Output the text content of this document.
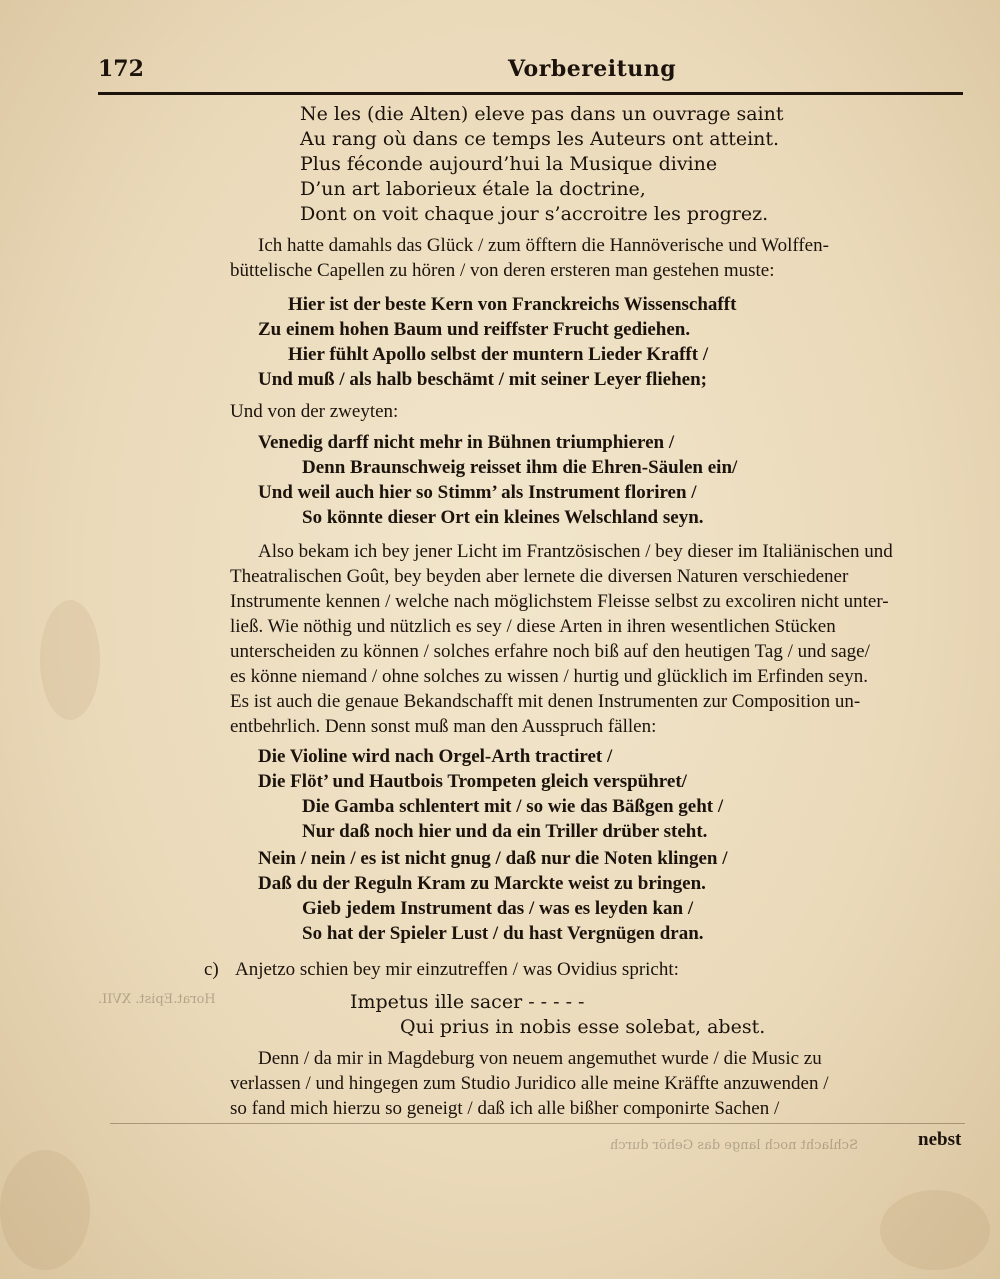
Horat.Epist. XVII.
Schlacht noch lange das Gehör durch
172	Vorbereitung
Ne les (die Alten) eleve pas dans un ouvrage saint
Au rang où dans ce temps les Auteurs ont atteint.
Plus féconde aujourd’hui la Musique divine
D’un art laborieux étale la doctrine,
Dont on voit chaque jour s’accroitre les progrez.
Ich hatte damahls das Glück / zum öfftern die Hannöverische und Wolffen-
büttelische Capellen zu hören / von deren ersteren man gestehen muste:
Hier ist der beste Kern von Franckreichs Wissenschafft
Zu einem hohen Baum und reiffster Frucht gediehen.
Hier fühlt Apollo selbst der muntern Lieder Krafft /
Und muß / als halb beschämt / mit seiner Leyer fliehen;
Und von der zweyten:
Venedig darff nicht mehr in Bühnen triumphieren /
Denn Braunschweig reisset ihm die Ehren-Säulen ein/
Und weil auch hier so Stimm’ als Instrument floriren /
So könnte dieser Ort ein kleines Welschland seyn.
Also bekam ich bey jener Licht im Frantzösischen / bey dieser im Italiänischen und
Theatralischen Goût, bey beyden aber lernete die diversen Naturen verschiedener
Instrumente kennen / welche nach möglichstem Fleisse selbst zu excoliren nicht unter-
ließ. Wie nöthig und nützlich es sey / diese Arten in ihren wesentlichen Stücken
unterscheiden zu können / solches erfahre noch biß auf den heutigen Tag / und sage/
es könne niemand / ohne solches zu wissen / hurtig und glücklich im Erfinden seyn.
Es ist auch die genaue Bekandschafft mit denen Instrumenten zur Composition un-
entbehrlich. Denn sonst muß man den Ausspruch fällen:
Die Violine wird nach Orgel-Arth tractiret /
Die Flöt’ und Hautbois Trompeten gleich verspühret/
Die Gamba schlentert mit / so wie das Bäßgen geht /
Nur daß noch hier und da ein Triller drüber steht.
Nein / nein / es ist nicht gnug / daß nur die Noten klingen /
Daß du der Reguln Kram zu Marckte weist zu bringen.
Gieb jedem Instrument das / was es leyden kan /
So hat der Spieler Lust / du hast Vergnügen dran.
c) Anjetzo schien bey mir einzutreffen / was Ovidius spricht:
Impetus ille sacer - - - - -
Qui prius in nobis esse solebat, abest.
Denn / da mir in Magdeburg von neuem angemuthet wurde / die Music zu
verlassen / und hingegen zum Studio Juridico alle meine Kräffte anzuwenden /
so fand mich hierzu so geneigt / daß ich alle bißher componirte Sachen /
nebst
